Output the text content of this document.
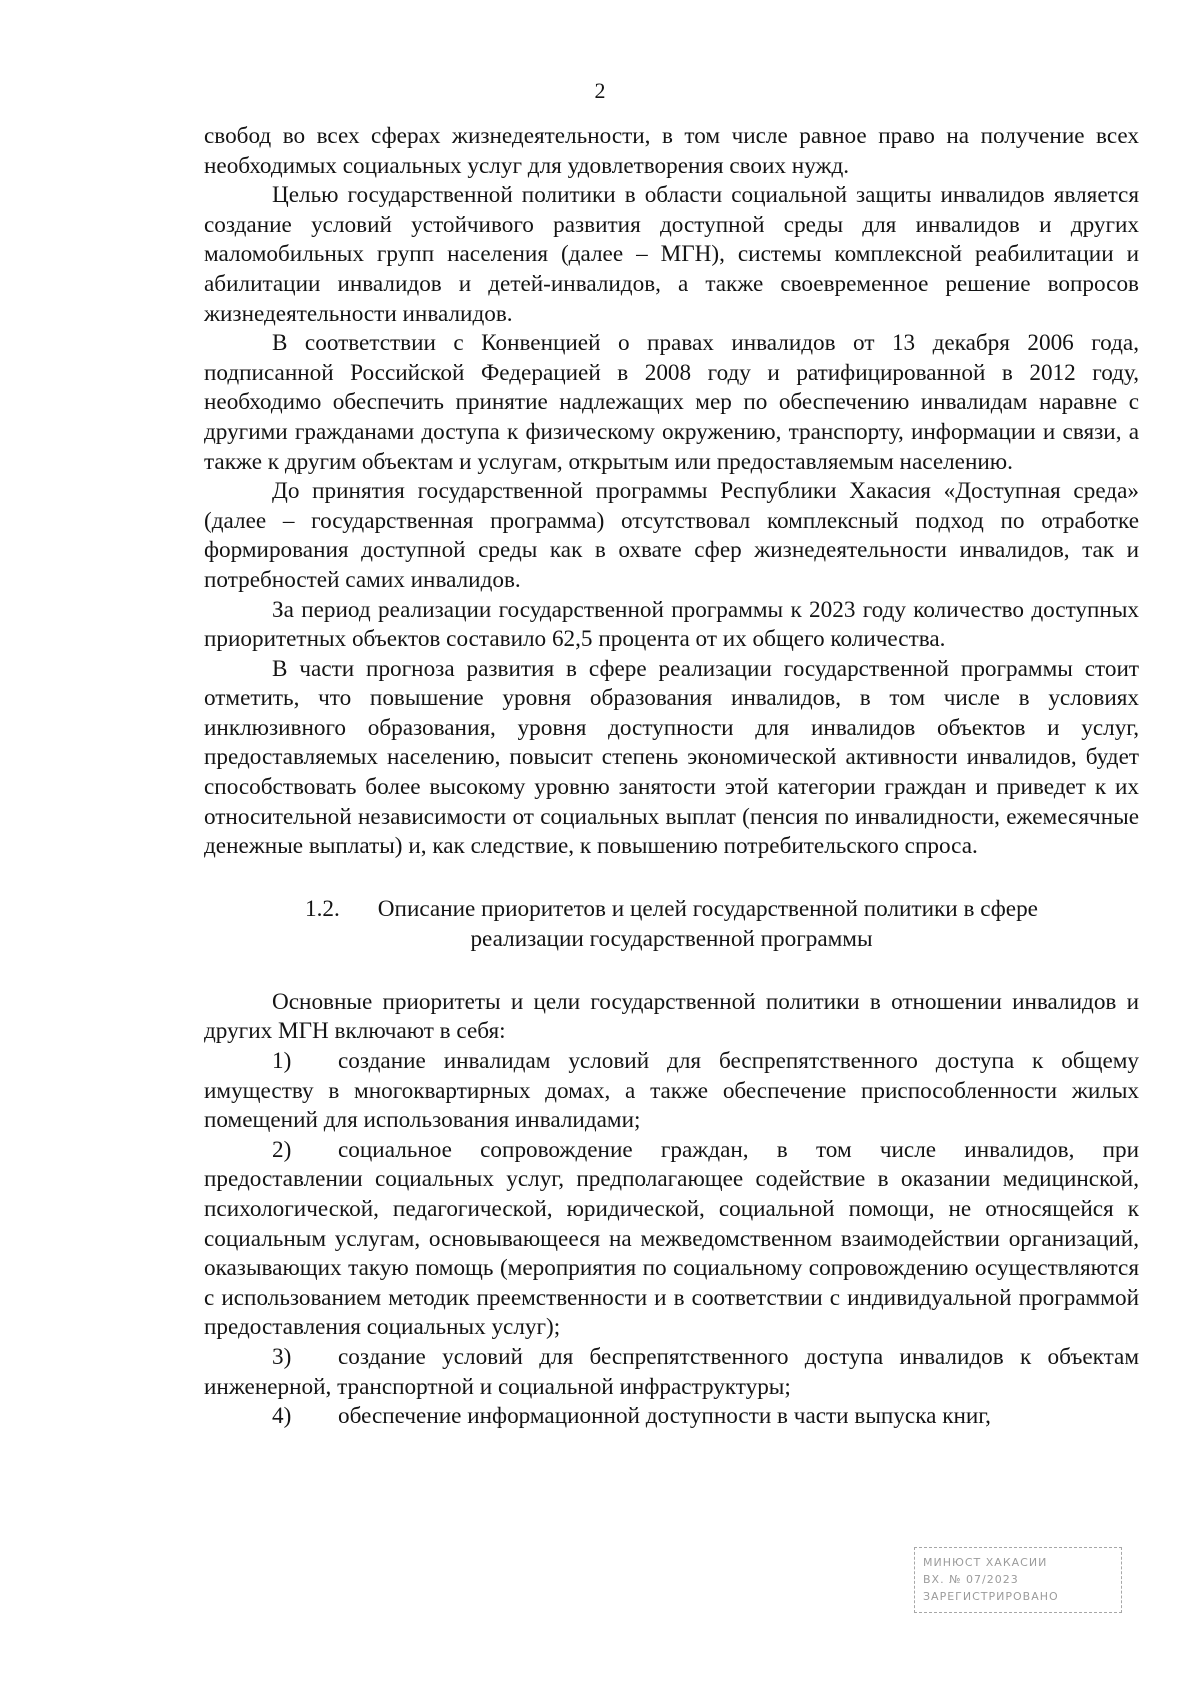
2

свобод во всех сферах жизнедеятельности, в том числе равное право на получение всех необходимых социальных услуг для удовлетворения своих нужд.

Целью государственной политики в области социальной защиты инвалидов является создание условий устойчивого развития доступной среды для инвалидов и других маломобильных групп населения (далее – МГН), системы комплексной реабилитации и абилитации инвалидов и детей-инвалидов, а также своевременное решение вопросов жизнедеятельности инвалидов.

В соответствии с Конвенцией о правах инвалидов от 13 декабря 2006 года, подписанной Российской Федерацией в 2008 году и ратифицированной в 2012 году, необходимо обеспечить принятие надлежащих мер по обеспечению инвалидам наравне с другими гражданами доступа к физическому окружению, транспорту, информации и связи, а также к другим объектам и услугам, открытым или предоставляемым населению.

До принятия государственной программы Республики Хакасия «Доступная среда» (далее – государственная программа) отсутствовал комплексный подход по отработке формирования доступной среды как в охвате сфер жизнедеятельности инвалидов, так и потребностей самих инвалидов.

За период реализации государственной программы к 2023 году количество доступных приоритетных объектов составило 62,5 процента от их общего количества.

В части прогноза развития в сфере реализации государственной программы стоит отметить, что повышение уровня образования инвалидов, в том числе в условиях инклюзивного образования, уровня доступности для инвалидов объектов и услуг, предоставляемых населению, повысит степень экономической активности инвалидов, будет способствовать более высокому уровню занятости этой категории граждан и приведет к их относительной независимости от социальных выплат (пенсия по инвалидности, ежемесячные денежные выплаты) и, как следствие, к повышению потребительского спроса.

1.2. Описание приоритетов и целей государственной политики в сфере
реализации государственной программы

Основные приоритеты и цели государственной политики в отношении инвалидов и других МГН включают в себя:

1) создание инвалидам условий для беспрепятственного доступа к общему имуществу в многоквартирных домах, а также обеспечение приспособленности жилых помещений для использования инвалидами;

2) социальное сопровождение граждан, в том числе инвалидов, при предоставлении социальных услуг, предполагающее содействие в оказании медицинской, психологической, педагогической, юридической, социальной помощи, не относящейся к социальным услугам, основывающееся на межведомственном взаимодействии организаций, оказывающих такую помощь (мероприятия по социальному сопровождению осуществляются с использованием методик преемственности и в соответствии с индивидуальной программой предоставления социальных услуг);

3) создание условий для беспрепятственного доступа инвалидов к объектам инженерной, транспортной и социальной инфраструктуры;

4) обеспечение информационной доступности в части выпуска книг,

МИНЮСТ ХАКАСИИ
ВХ. № 07/2023
ЗАРЕГИСТРИРОВАНО
